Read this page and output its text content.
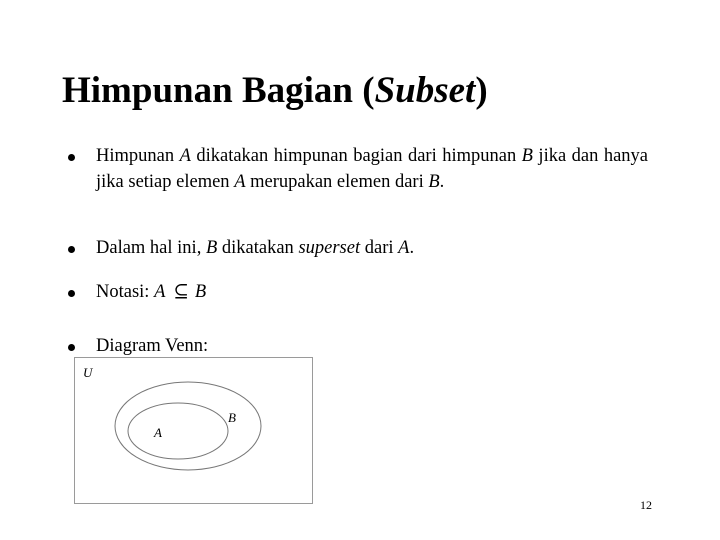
Himpunan Bagian (Subset)
Himpunan A dikatakan himpunan bagian dari himpunan B jika dan hanya jika setiap elemen A merupakan elemen dari B.
Dalam hal ini, B dikatakan superset dari A.
Notasi: A ⊆ B
Diagram Venn:
U
B
A
12
